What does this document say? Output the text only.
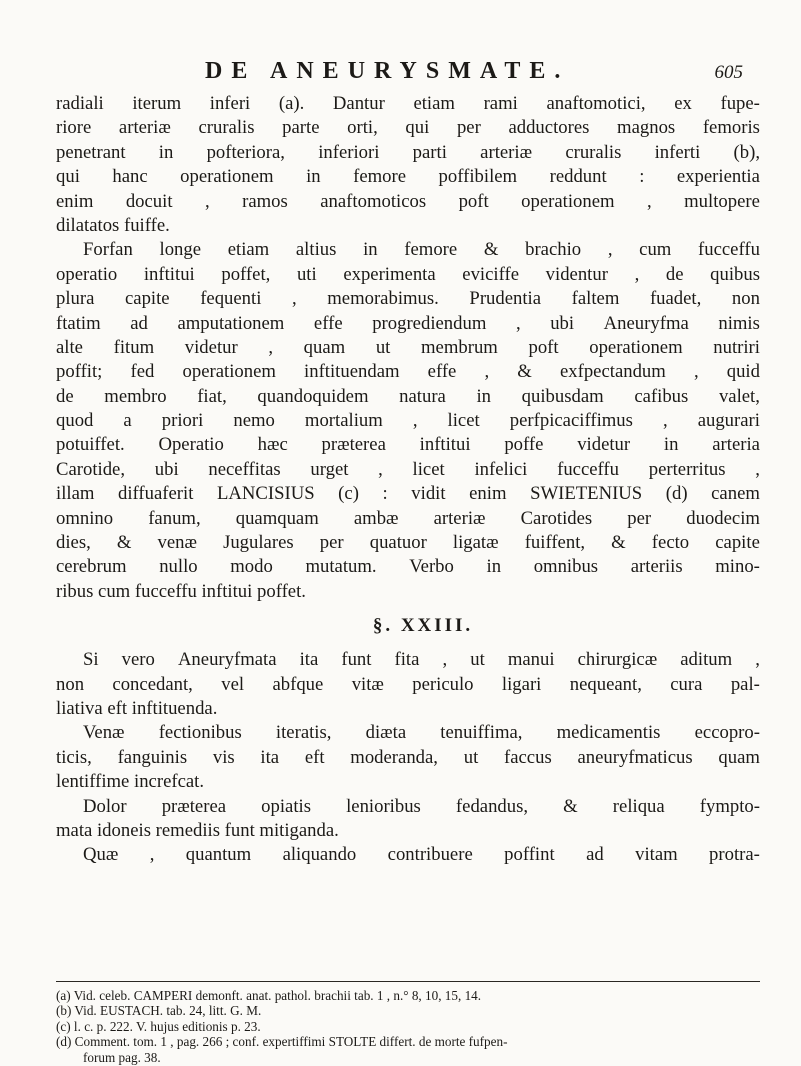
DE ANEURYSMATE.	605
radiali iterum inferi (a). Dantur etiam rami anaftomotici, ex fupe-
riore arteriæ cruralis parte orti, qui per adductores magnos femoris
penetrant in pofteriora, inferiori parti arteriæ cruralis inferti (b),
qui hanc operationem in femore poffibilem reddunt : experientia
enim docuit , ramos anaftomoticos poft operationem , multopere
dilatatos fuiffe.
Forfan longe etiam altius in femore & brachio , cum fucceffu
operatio inftitui poffet, uti experimenta eviciffe videntur , de quibus
plura capite fequenti , memorabimus. Prudentia faltem fuadet, non
ftatim ad amputationem effe progrediendum , ubi Aneuryfma nimis
alte fitum videtur , quam ut membrum poft operationem nutriri
poffit; fed operationem inftituendam effe , & exfpectandum , quid
de membro fiat, quandoquidem natura in quibusdam cafibus valet,
quod a priori nemo mortalium , licet perfpicaciffimus , augurari
potuiffet. Operatio hæc præterea inftitui poffe videtur in arteria
Carotide, ubi neceffitas urget , licet infelici fucceffu perterritus ,
illam diffuaferit LANCISIUS (c) : vidit enim SWIETENIUS (d) canem
omnino fanum, quamquam ambæ arteriæ Carotides per duodecim
dies, & venæ Jugulares per quatuor ligatæ fuiffent, & fecto capite
cerebrum nullo modo mutatum. Verbo in omnibus arteriis mino-
ribus cum fucceffu inftitui poffet.
§. XXIII.
Si vero Aneuryfmata ita funt fita , ut manui chirurgicæ aditum ,
non concedant, vel abfque vitæ periculo ligari nequeant, cura pal-
liativa eft inftituenda.
Venæ fectionibus iteratis, diæta tenuiffima, medicamentis eccopro-
ticis, fanguinis vis ita eft moderanda, ut faccus aneuryfmaticus quam
lentiffime increfcat.
Dolor præterea opiatis lenioribus fedandus, & reliqua fympto-
mata idoneis remediis funt mitiganda.
Quæ , quantum aliquando contribuere poffint ad vitam protra-
(a) Vid. celeb. CAMPERI demonft. anat. pathol. brachii tab. 1 , n.° 8, 10, 15, 14.
(b) Vid. EUSTACH. tab. 24, litt. G. M.
(c) l. c. p. 222. V. hujus editionis p. 23.
(d) Comment. tom. 1 , pag. 266 ; conf. expertiffimi STOLTE differt. de morte fufpen-
forum pag. 38.
